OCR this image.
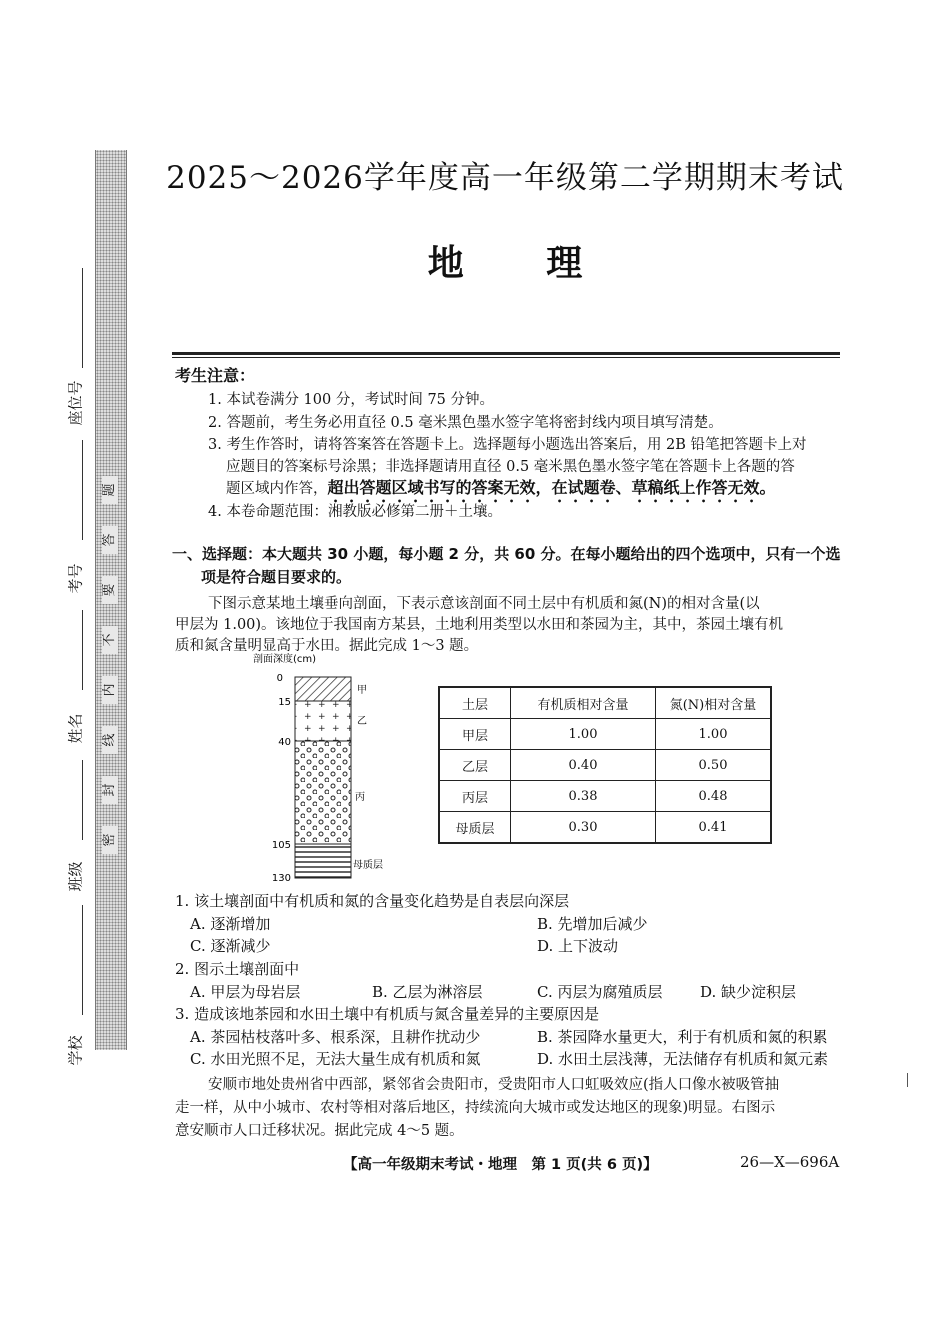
题
答
要
不
内
线
封
密
座位号
考号
姓名
班级
学校
2025～2026学年度高一年级第二学期期末考试
地 理
考生注意：
1. 本试卷满分 100 分，考试时间 75 分钟。
2. 答题前，考生务必用直径 0.5 毫米黑色墨水签字笔将密封线内项目填写清楚。
3. 考生作答时，请将答案答在答题卡上。选择题每小题选出答案后，用 2B 铅笔把答题卡上对
应题目的答案标号涂黑；非选择题请用直径 0.5 毫米黑色墨水签字笔在答题卡上各题的答
题区域内作答，超出答题区域书写的答案无效，在试题卷、草稿纸上作答无效。
4. 本卷命题范围：湘教版必修第二册＋土壤。
一、选择题：本大题共 30 小题，每小题 2 分，共 60 分。在每小题给出的四个选项中，只有一个选
项是符合题目要求的。
下图示意某地土壤垂向剖面，下表示意该剖面不同土层中有机质和氮(N)的相对含量(以
甲层为 1.00)。该地位于我国南方某县，土地利用类型以水田和茶园为主，其中，茶园土壤有机
质和氮含量明显高于水田。据此完成 1～3 题。
剖面深度(cm)
0
15
40
105
130
甲
乙
丙
母质层
土层	有机质相对含量	氮(N)相对含量
甲层	1.00	1.00
乙层	0.40	0.50
丙层	0.38	0.48
母质层	0.30	0.41
1. 该土壤剖面中有机质和氮的含量变化趋势是自表层向深层
A. 逐渐增加	B. 先增加后减少
C. 逐渐减少	D. 上下波动
2. 图示土壤剖面中
A. 甲层为母岩层	B. 乙层为淋溶层	C. 丙层为腐殖质层	D. 缺少淀积层
3. 造成该地茶园和水田土壤中有机质与氮含量差异的主要原因是
A. 茶园枯枝落叶多、根系深，且耕作扰动少	B. 茶园降水量更大，利于有机质和氮的积累
C. 水田光照不足，无法大量生成有机质和氮	D. 水田土层浅薄，无法储存有机质和氮元素
安顺市地处贵州省中西部，紧邻省会贵阳市，受贵阳市人口虹吸效应(指人口像水被吸管抽
走一样，从中小城市、农村等相对落后地区，持续流向大城市或发达地区的现象)明显。右图示
意安顺市人口迁移状况。据此完成 4～5 题。
【高一年级期末考试・地理　第 1 页(共 6 页)】	26—X—696A
